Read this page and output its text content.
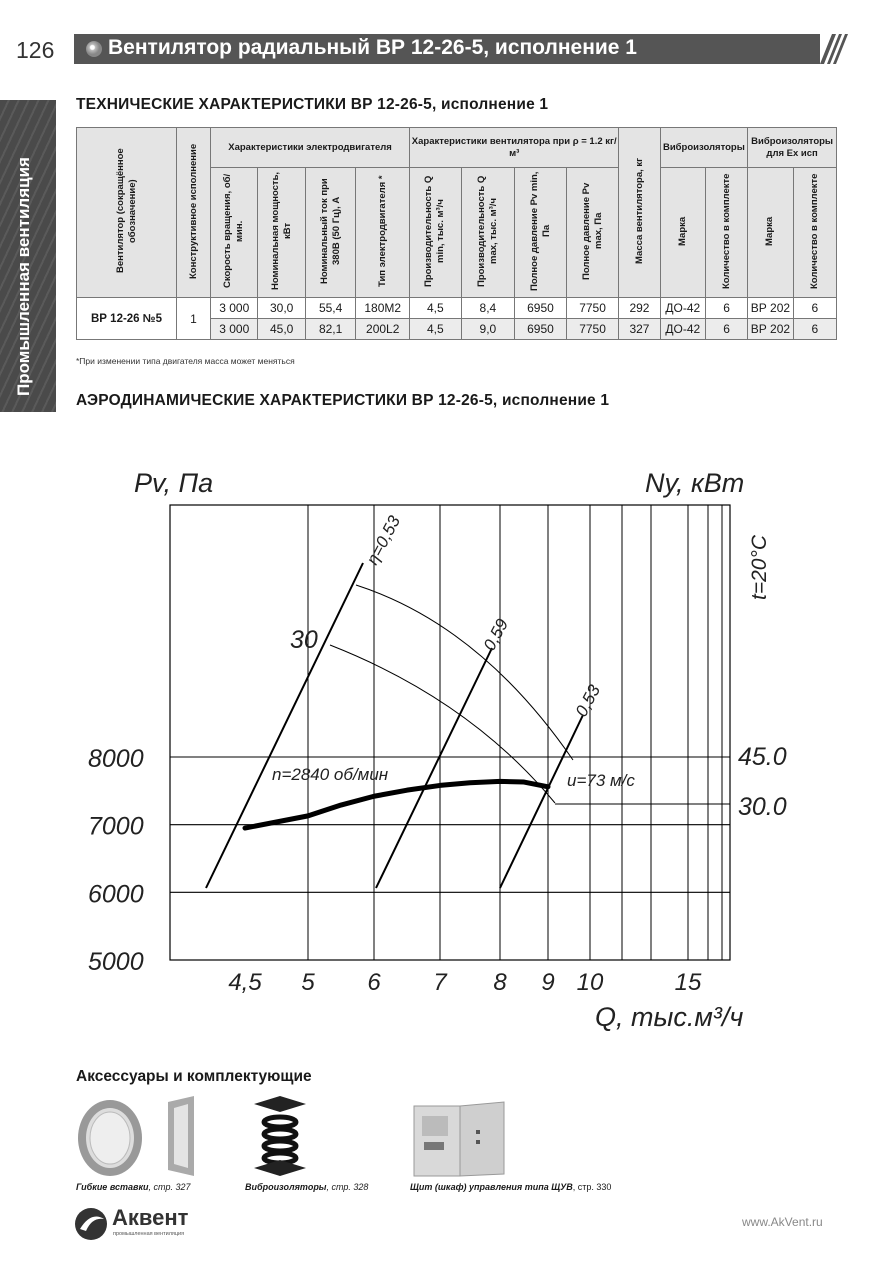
126	Вентилятор радиальный ВР 12-26-5, исполнение 1
Промышленная вентиляция
ТЕХНИЧЕСКИЕ ХАРАКТЕРИСТИКИ ВР 12-26-5, исполнение 1
Вентилятор (сокращённое обозначение)	Конструктивное исполнение	Характеристики электродвигателя				Характеристики вентилятора при ρ = 1.2 кг/м³				Масса вентилятора, кг	Виброизоляторы		Виброизоляторы для Ex исп	
		Скорость вращения, об/мин.	Номинальная мощность, кВт	Номинальный ток при 380В (50 Гц), А	Тип электродвигателя *	Производительность Q min, тыс. м³/ч	Производительность Q max, тыс. м³/ч	Полное давление Pv min, Па	Полное давление Pv max, Па		Марка	Количество в комплекте	Марка	Количество в комплекте
ВР 12-26 №5	1	3 000	30,0	55,4	180М2	4,5	8,4	6950	7750	292	ДО-42	6	ВР 202	6
		3 000	45,0	82,1	200L2	4,5	9,0	6950	7750	327	ДО-42	6	ВР 202	6
*При изменении типа двигателя масса может меняться
АЭРОДИНАМИЧЕСКИЕ ХАРАКТЕРИСТИКИ ВР 12-26-5, исполнение 1
Pv, Па	Ny, кВт
t=20°C
Q, тыс.м³/ч
5000
6000
7000
8000
4,5 5 6 7 8 9 10	15
45.0
30.0
30
n=2840 об/мин	u=73 м/с
η=0,53
0,59
0,53
Аксессуары и комплектующие
Гибкие вставки, стр. 327	Виброизоляторы, стр. 328	Щит (шкаф) управления типа ЩУВ, стр. 330
Аквент
промышленная вентиляция
www.AkVent.ru
